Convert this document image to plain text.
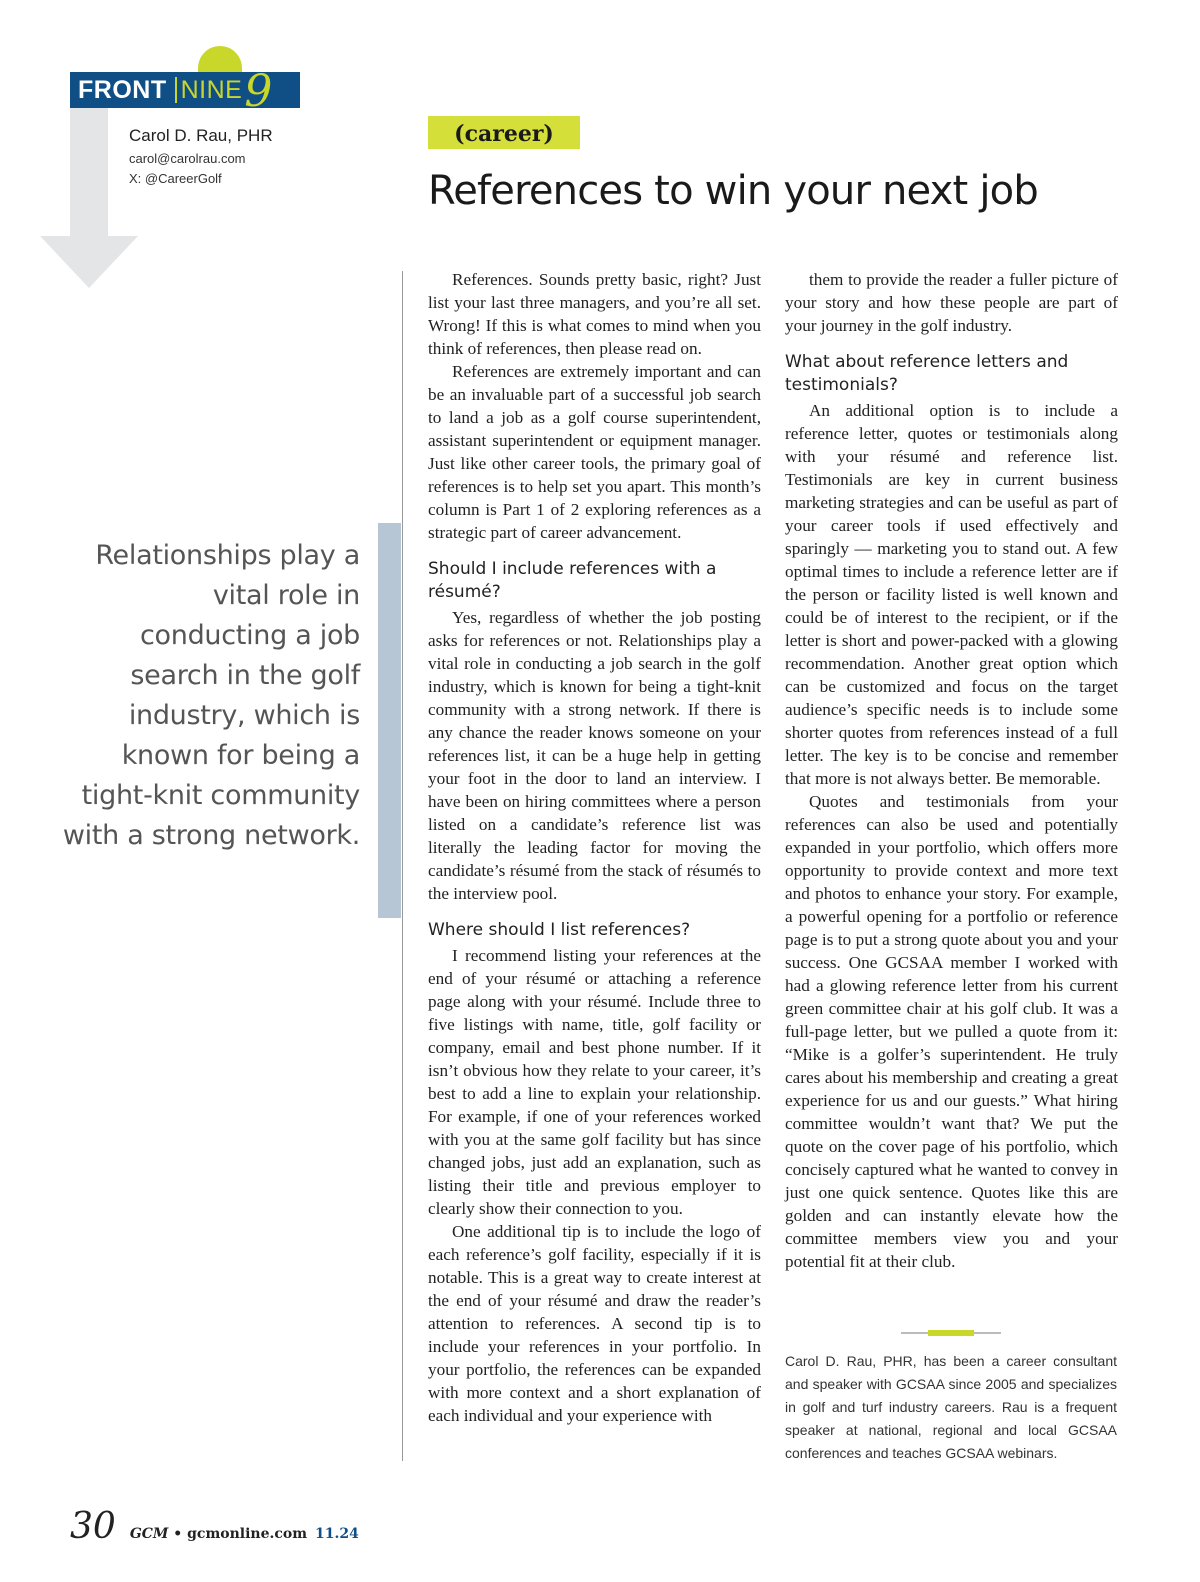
FRONT NINE 9
Carol D. Rau, PHR
carol@carolrau.com
X: @CareerGolf
(career)
References to win your next job
Relationships play a vital role in conducting a job search in the golf industry, which is known for being a tight-knit community with a strong network.

References. Sounds pretty basic, right? Just list your last three managers, and you’re all set. Wrong! If this is what comes to mind when you think of references, then please read on.

References are extremely important and can be an invaluable part of a successful job search to land a job as a golf course superintendent, assistant superintendent or equipment manager. Just like other career tools, the primary goal of references is to help set you apart. This month’s column is Part 1 of 2 exploring references as a strategic part of career advancement.

Should I include references with a résumé?

Yes, regardless of whether the job posting asks for references or not. Relationships play a vital role in conducting a job search in the golf industry, which is known for being a tight-knit community with a strong network. If there is any chance the reader knows someone on your references list, it can be a huge help in getting your foot in the door to land an interview. I have been on hiring committees where a person listed on a candidate’s reference list was literally the leading factor for moving the candidate’s résumé from the stack of résumés to the interview pool.

Where should I list references?

I recommend listing your references at the end of your résumé or attaching a reference page along with your résumé. Include three to five listings with name, title, golf facility or company, email and best phone number. If it isn’t obvious how they relate to your career, it’s best to add a line to explain your relationship. For example, if one of your references worked with you at the same golf facility but has since changed jobs, just add an explanation, such as listing their title and previous employer to clearly show their connection to you.

One additional tip is to include the logo of each reference’s golf facility, especially if it is notable. This is a great way to create interest at the end of your résumé and draw the reader’s attention to references. A second tip is to include your references in your portfolio. In your portfolio, the references can be expanded with more context and a short explanation of each individual and your experience with

them to provide the reader a fuller picture of your story and how these people are part of your journey in the golf industry.

What about reference letters and testimonials?

An additional option is to include a reference letter, quotes or testimonials along with your résumé and reference list. Testimonials are key in current business marketing strategies and can be useful as part of your career tools if used effectively and sparingly — marketing you to stand out. A few optimal times to include a reference letter are if the person or facility listed is well known and could be of interest to the recipient, or if the letter is short and power-packed with a glowing recommendation. Another great option which can be customized and focus on the target audience’s specific needs is to include some shorter quotes from references instead of a full letter. The key is to be concise and remember that more is not always better. Be memorable.

Quotes and testimonials from your references can also be used and potentially expanded in your portfolio, which offers more opportunity to provide context and more text and photos to enhance your story. For example, a powerful opening for a portfolio or reference page is to put a strong quote about you and your success. One GCSAA member I worked with had a glowing reference letter from his current green committee chair at his golf club. It was a full-page letter, but we pulled a quote from it: “Mike is a golfer’s superintendent. He truly cares about his membership and creating a great experience for us and our guests.” What hiring committee wouldn’t want that? We put the quote on the cover page of his portfolio, which concisely captured what he wanted to convey in just one quick sentence. Quotes like this are golden and can instantly elevate how the committee members view you and your potential fit at their club.

Carol D. Rau, PHR, has been a career consultant and speaker with GCSAA since 2005 and specializes in golf and turf industry careers. Rau is a frequent speaker at national, regional and local GCSAA conferences and teaches GCSAA webinars.
30 GCM • gcmonline.com 11.24
